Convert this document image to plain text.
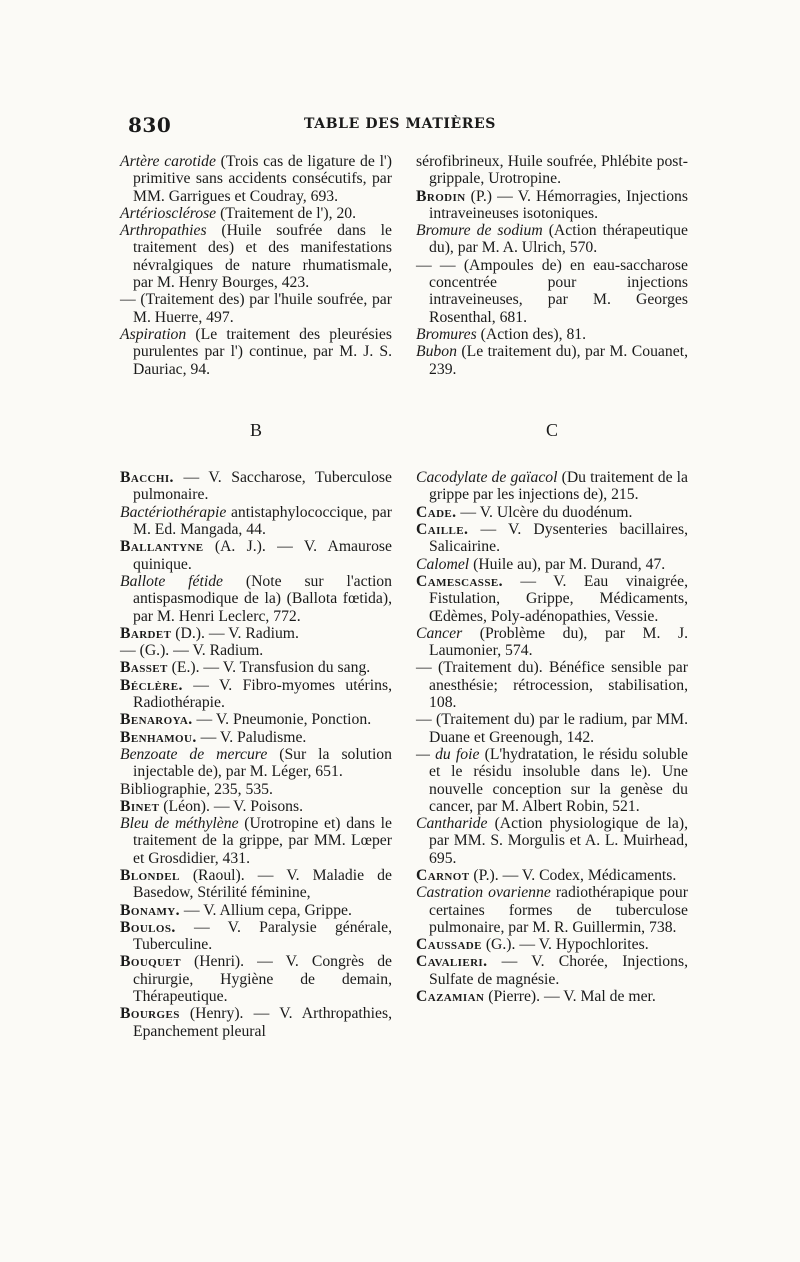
830	TABLE DES MATIÈRES

Artère carotide (Trois cas de ligature de l') primitive sans accidents consécutifs, par MM. Garrigues et Coudray, 693.

Artériosclérose (Traitement de l'), 20.

Arthropathies (Huile soufrée dans le traitement des) et des manifestations névralgiques de nature rhumatismale, par M. Henry Bourges, 423.

— (Traitement des) par l'huile soufrée, par M. Huerre, 497.

Aspiration (Le traitement des pleurésies purulentes par l') continue, par M. J. S. Dauriac, 94.

B

Bacchi. — V. Saccharose, Tuberculose pulmonaire.

Bactériothérapie antistaphylococcique, par M. Ed. Mangada, 44.

Ballantyne (A. J.). — V. Amaurose quinique.

Ballote fétide (Note sur l'action antispasmodique de la) (Ballota fœtida), par M. Henri Leclerc, 772.

Bardet (D.). — V. Radium.

— (G.). — V. Radium.

Basset (E.). — V. Transfusion du sang.

Béclère. — V. Fibro-myomes utérins, Radiothérapie.

Benaroya. — V. Pneumonie, Ponction.

Benhamou. — V. Paludisme.

Benzoate de mercure (Sur la solution injectable de), par M. Léger, 651.

Bibliographie, 235, 535.

Binet (Léon). — V. Poisons.

Bleu de méthylène (Urotropine et) dans le traitement de la grippe, par MM. Lœper et Grosdidier, 431.

Blondel (Raoul). — V. Maladie de Basedow, Stérilité féminine,

Bonamy. — V. Allium cepa, Grippe.

Boulos. — V. Paralysie générale, Tuberculine.

Bouquet (Henri). — V. Congrès de chirurgie, Hygiène de demain, Thérapeutique.

Bourges (Henry). — V. Arthropathies, Epanchement pleural

sérofibrineux, Huile soufrée, Phlébite post-grippale, Urotropine.

Brodin (P.) — V. Hémorragies, Injections intraveineuses isotoniques.

Bromure de sodium (Action thérapeutique du), par M. A. Ulrich, 570.

— — (Ampoules de) en eau-saccharose concentrée pour injections intraveineuses, par M. Georges Rosenthal, 681.

Bromures (Action des), 81.

Bubon (Le traitement du), par M. Couanet, 239.

C

Cacodylate de gaïacol (Du traitement de la grippe par les injections de), 215.

Cade. — V. Ulcère du duodénum.

Caille. — V. Dysenteries bacillaires, Salicairine.

Calomel (Huile au), par M. Durand, 47.

Camescasse. — V. Eau vinaigrée, Fistulation, Grippe, Médicaments, Œdèmes, Poly-adénopathies, Vessie.

Cancer (Problème du), par M. J. Laumonier, 574.

— (Traitement du). Bénéfice sensible par anesthésie; rétrocession, stabilisation, 108.

— (Traitement du) par le radium, par MM. Duane et Greenough, 142.

— du foie (L'hydratation, le résidu soluble et le résidu insoluble dans le). Une nouvelle conception sur la genèse du cancer, par M. Albert Robin, 521.

Cantharide (Action physiologique de la), par MM. S. Morgulis et A. L. Muirhead, 695.

Carnot (P.). — V. Codex, Médicaments.

Castration ovarienne radiothérapique pour certaines formes de tuberculose pulmonaire, par M. R. Guillermin, 738.

Caussade (G.). — V. Hypochlorites.

Cavalieri. — V. Chorée, Injections, Sulfate de magnésie.

Cazamian (Pierre). — V. Mal de mer.
